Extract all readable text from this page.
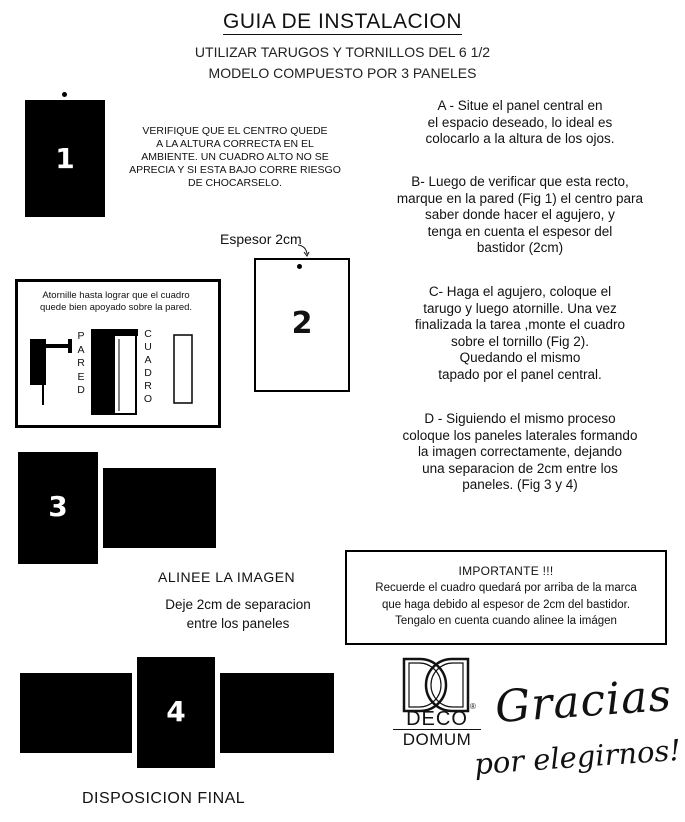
GUIA DE INSTALACION
UTILIZAR TARUGOS Y TORNILLOS DEL 6 1/2
MODELO COMPUESTO POR 3 PANELES
1
VERIFIQUE QUE EL CENTRO QUEDE
A LA ALTURA CORRECTA EN EL
AMBIENTE. UN CUADRO ALTO NO SE
APRECIA Y SI ESTA BAJO CORRE RIESGO
DE CHOCARSELO.
Espesor 2cm
2
Atornille hasta lograr que el cuadro
quede bien apoyado sobre la pared.
P
A
R
E
D
C
U
A
D
R
O
A - Situe el panel central en
el espacio deseado, lo ideal es
colocarlo a la altura de los ojos.
B- Luego de verificar que esta recto,
marque en la pared (Fig 1) el centro para
saber donde hacer el agujero, y
tenga en cuenta el espesor del
bastidor (2cm)
C- Haga el agujero, coloque el
tarugo y luego atornille. Una vez
finalizada la tarea ,monte el cuadro
sobre el tornillo (Fig 2).
Quedando el mismo
tapado por el panel central.
D - Siguiendo el mismo proceso
coloque los paneles laterales formando
la imagen correctamente, dejando
una separacion de 2cm entre los
paneles. (Fig 3 y 4)
3
ALINEE LA IMAGEN
Deje 2cm de separacion
entre los paneles
IMPORTANTE !!!
Recuerde el cuadro quedará por arriba de la marca
que haga debido al espesor de 2cm del bastidor.
Tengalo en cuenta cuando alinee la imágen
4
DISPOSICION FINAL
DECO
DOMUM
® Gracias
por elegirnos!
